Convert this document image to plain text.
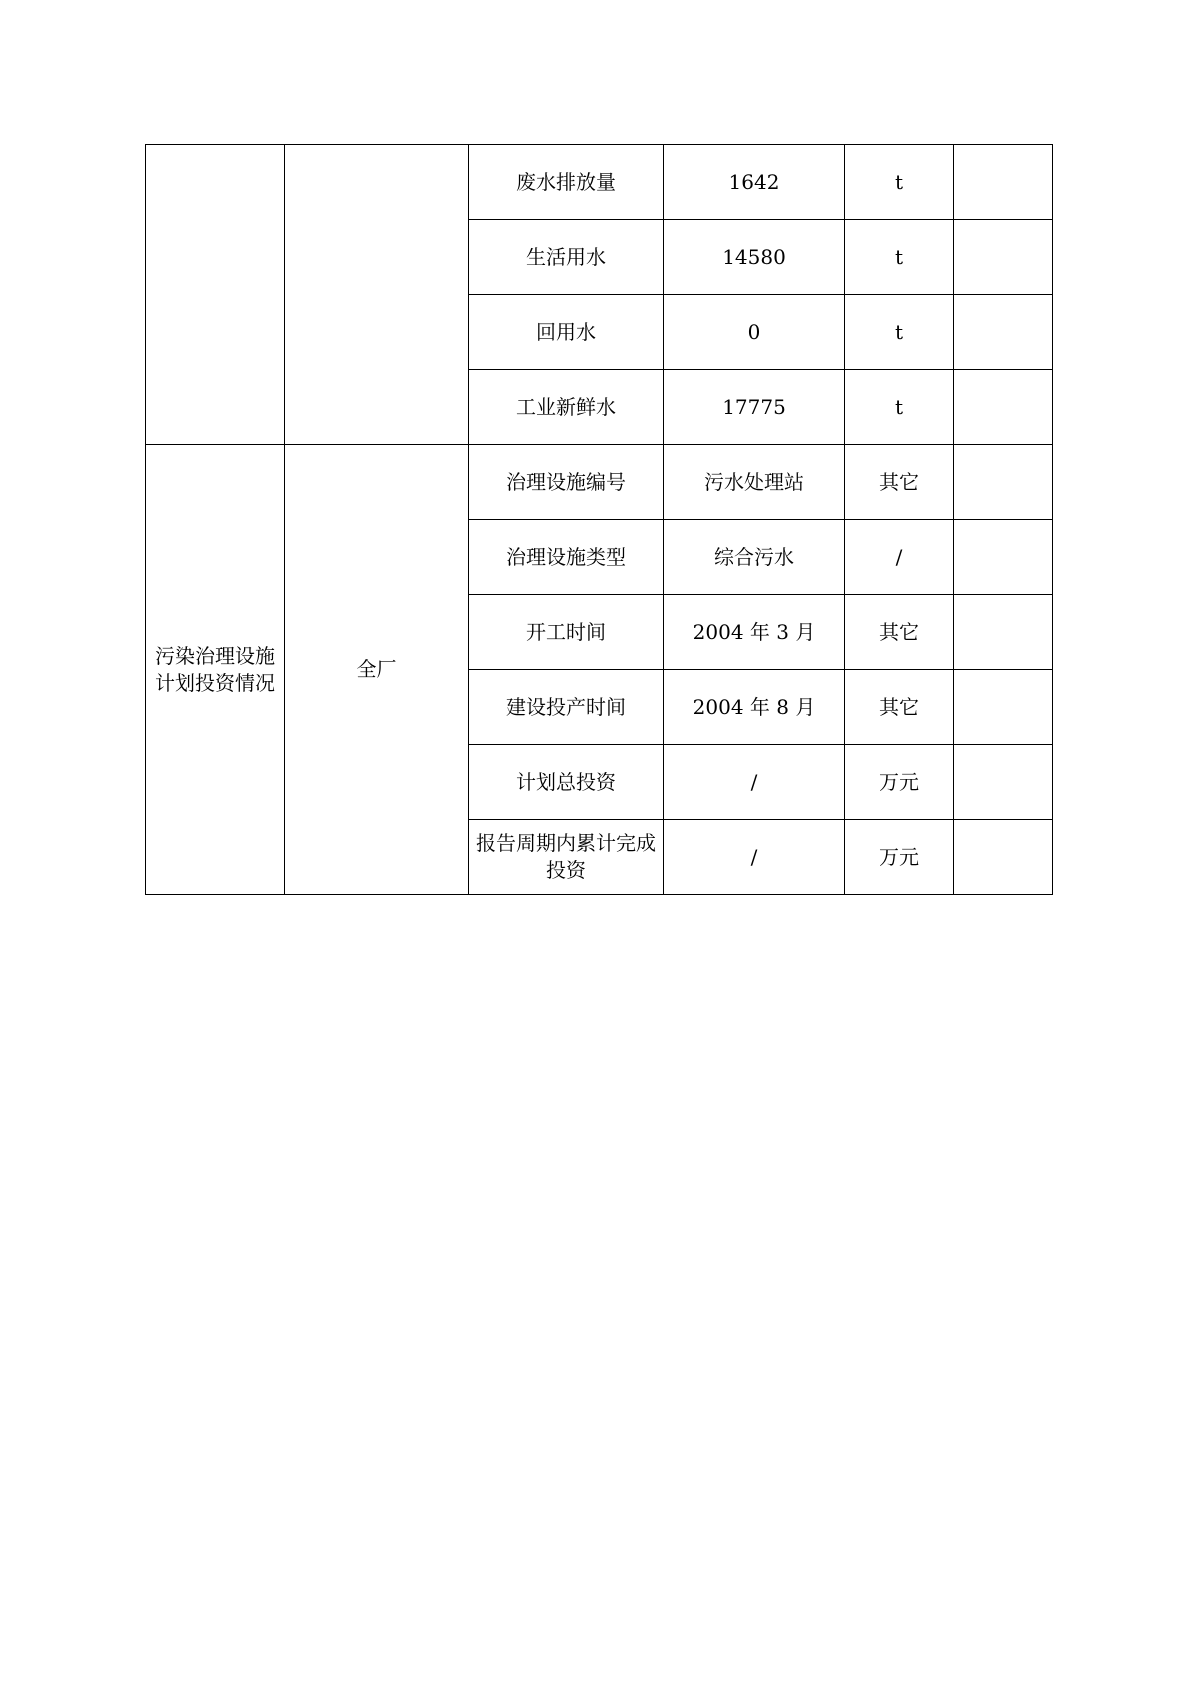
		废水排放量	1642	t	
		生活用水	14580	t	
		回用水	0	t	
		工业新鲜水	17775	t	
污染治理设施计划投资情况	全厂	治理设施编号	污水处理站	其它	
		治理设施类型	综合污水	/	
		开工时间	2004 年 3 月	其它	
		建设投产时间	2004 年 8 月	其它	
		计划总投资	/	万元	
		报告周期内累计完成投资	/	万元	
